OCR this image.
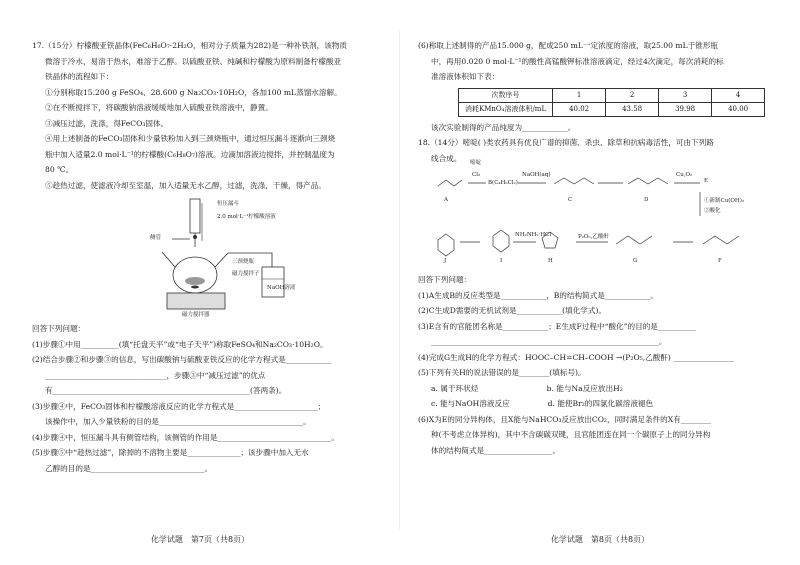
17.（15分）柠檬酸亚铁晶体(FeC₆H₆O₇·2H₂O，相对分子质量为282)是一种补铁剂，该物质
微溶于冷水，易溶于热水，难溶于乙醇。以硫酸亚铁、纯碱和柠檬酸为原料制备柠檬酸亚
铁晶体的流程如下：
①分别称取15.200 g FeSO₄、28.600 g Na₂CO₃·10H₂O，各加100 mL蒸馏水溶解。
②在不断搅拌下，将碳酸钠溶液缓缓地加入硫酸亚铁溶液中，静置。
③减压过滤，洗涤，得FeCO₃固体。
④用上述制备的FeCO₃固体和少量铁粉加入到三颈烧瓶中，通过恒压漏斗逐渐向三颈烧
瓶中加入适量2.0 mol·L⁻¹的柠檬酸(C₆H₈O₇)溶液。边滴加溶液边搅拌，并控制温度为
80 ℃。
⑤趁热过滤，使滤液冷却至室温，加入适量无水乙醇，过滤，洗涤，干燥，得产品。
恒压漏斗
2.0 mol·L⁻¹柠檬酸溶液
侧管
三颈烧瓶
磁力搅拌子
NaOH溶液
磁力搅拌器
回答下列问题：
(1)步骤①中用__________(填“托盘天平”或“电子天平”)称取FeSO₄和Na₂CO₃·10H₂O。
(2)结合步骤②和步骤③的信息，写出碳酸钠与硫酸亚铁反应的化学方程式是____________
________________________________，步骤③中“减压过滤”的优点
有____________________________________________________(答两条)。
(3)步骤④中，FeCO₃固体和柠檬酸溶液反应的化学方程式是______________________；
该操作中，加入少量铁粉的目的是______________________________________。
(4)步骤④中，恒压漏斗具有侧管结构，该侧管的作用是______________________________。
(5)步骤⑤中“趁热过滤”，除掉的不溶物主要是______________；该步骤中加入无水
乙醇的目的是______________________________。
化学试题　第7页（共8页）
(6)称取上述制得的产品15.000 g，配成250 mL一定浓度的溶液，取25.00 mL于锥形瓶
中，再用0.020 0 mol·L⁻¹的酸性高锰酸钾标准溶液滴定，经过4次滴定，每次消耗的标
准溶液体积如下表：
次数序号	1	2	3	4
消耗KMnO₄溶液体积/mL	40.02	43.58	39.98	40.00
该次实验制得的产品纯度为____________。
18.（14分）嘧啶( )类农药具有优良广谱的抑菌、杀虫、除草和抗病毒活性，可由下列路
线合成。
Cl₂
B(C₄H₆Cl₂)
NaOH(aq)	Cu,O₂
①新制Cu(OH)₂
②酸化
P₂O₅,乙酸酐
NH₂NH₂·HCl
A	C	D
E
F
G
H
I
J
嘧啶
回答下列问题：
(1)A生成B的反应类型是____________，B的结构简式是____________。
(2)C生成D需要的无机试剂是____________(填化学式)。
(3)E含有的官能团名称是____________；E生成F过程中“酸化”的目的是__________
____________________________________________________________。
(4)完成G生成H的化学方程式：HOOC–CH=CH–COOH →(P₂O₅,乙酸酐) ________________
(5)下列有关H的说法错误的是________(填标号)。
a. 属于环状烃　　　　　　　　　b. 能与Na反应放出H₂
c. 能与NaOH溶液反应　　　　　d. 能使Br₂的四氯化碳溶液褪色
(6)X为E的同分异构体，且X能与NaHCO₃反应放出CO₂，同时满足条件的X有________
种(不考虑立体异构)，其中不含碳碳双键，且官能团连在同一个碳原子上的同分异构
体的结构简式是__________________。
化学试题　第8页（共8页）
